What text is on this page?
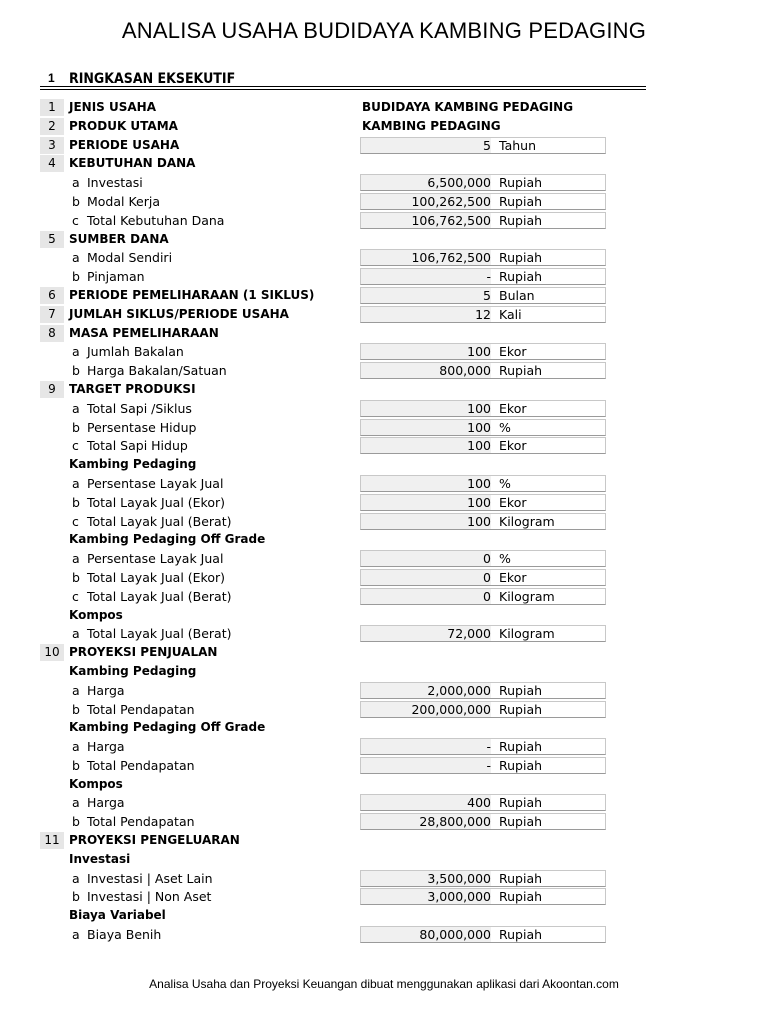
ANALISA USAHA BUDIDAYA KAMBING PEDAGING
1 RINGKASAN EKSEKUTIF
1	JENIS USAHA	BUDIDAYA KAMBING PEDAGING
2	PRODUK UTAMA	KAMBING PEDAGING
3	PERIODE USAHA	5 Tahun
4	KEBUTUHAN DANA
a Investasi	6,500,000 Rupiah
b Modal Kerja	100,262,500 Rupiah
c Total Kebutuhan Dana	106,762,500 Rupiah
5	SUMBER DANA
a Modal Sendiri	106,762,500 Rupiah
b Pinjaman	- Rupiah
6	PERIODE PEMELIHARAAN (1 SIKLUS)	5 Bulan
7	JUMLAH SIKLUS/PERIODE USAHA	12 Kali
8	MASA PEMELIHARAAN
a Jumlah Bakalan	100 Ekor
b Harga Bakalan/Satuan	800,000 Rupiah
9	TARGET PRODUKSI
a Total Sapi /Siklus	100 Ekor
b Persentase Hidup	100 %
c Total Sapi Hidup	100 Ekor
Kambing Pedaging
a Persentase Layak Jual	100 %
b Total Layak Jual (Ekor)	100 Ekor
c Total Layak Jual (Berat)	100 Kilogram
Kambing Pedaging Off Grade
a Persentase Layak Jual	0 %
b Total Layak Jual (Ekor)	0 Ekor
c Total Layak Jual (Berat)	0 Kilogram
Kompos
a Total Layak Jual (Berat)	72,000 Kilogram
10 PROYEKSI PENJUALAN
Kambing Pedaging
a Harga	2,000,000 Rupiah
b Total Pendapatan	200,000,000 Rupiah
Kambing Pedaging Off Grade
a Harga	- Rupiah
b Total Pendapatan	- Rupiah
Kompos
a Harga	400 Rupiah
b Total Pendapatan	28,800,000 Rupiah
11 PROYEKSI PENGELUARAN
Investasi
a Investasi | Aset Lain	3,500,000 Rupiah
b Investasi | Non Aset	3,000,000 Rupiah
Biaya Variabel
a Biaya Benih	80,000,000 Rupiah
Analisa Usaha dan Proyeksi Keuangan dibuat menggunakan aplikasi dari Akoontan.com
